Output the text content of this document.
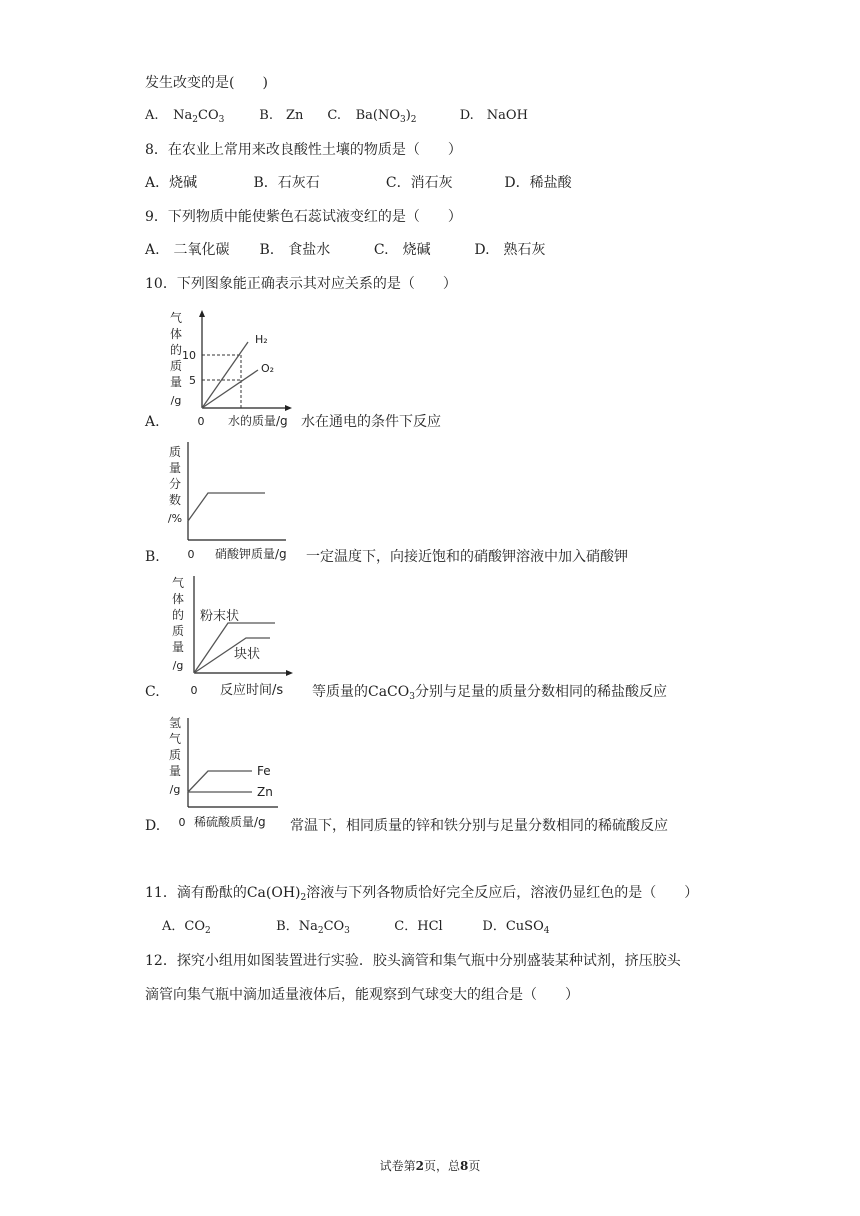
发生改变的是(　　)
A. $Na_2CO_3$	B.　Zn C. $Ba(NO_3)_2$	D.　NaOH
8．在农业上常用来改良酸性土壤的物质是（　　）
A．烧碱	B．石灰石	C．消石灰	D．稀盐酸
9．下列物质中能使紫色石蕊试液变红的是（　　）
A.　二氧化碳 B.　食盐水	C.　烧碱	D.　熟石灰
10．下列图象能正确表示其对应关系的是（　　）
A.
气
体
的
质
量
/g
10
5
H₂
O₂
0 水的质量/g 水在通电的条件下反应
B.
质
量
分
数
/%
0 硝酸钾质量/g 一定温度下，向接近饱和的硝酸钾溶液中加入硝酸钾
C.
气
体
的
质
量
/g
粉末状
块状
0 反应时间/s 等质量的CaCO$_3$分别与足量的质量分数相同的稀盐酸反应
D.
氢
气
质
量
/g
Fe
Zn
0 稀硫酸质量/g 常温下，相同质量的锌和铁分别与足量分数相同的稀硫酸反应
11．滴有酚酞的$Ca(OH)_2$溶液与下列各物质恰好完全反应后，溶液仍显红色的是（　　）
A．$CO_2$	B．$Na_2CO_3$	C．HCl	D．CuSO$_4$
12．探究小组用如图装置进行实验．胶头滴管和集气瓶中分别盛装某种试剂，挤压胶头
滴管向集气瓶中滴加适量液体后，能观察到气球变大的组合是（　　）
试卷第2页，总8页
